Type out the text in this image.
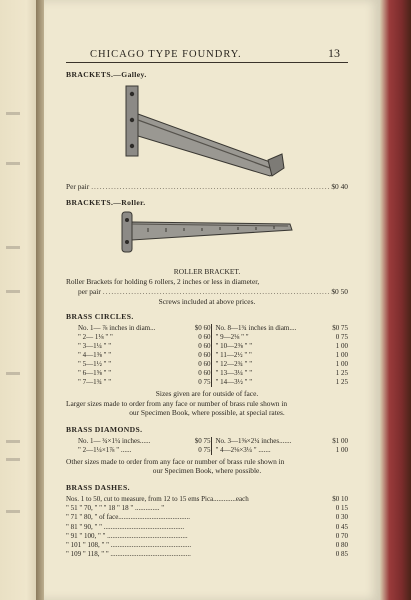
CHICAGO TYPE FOUNDRY.	13
BRACKETS.—Galley.
Per pair .....	$0 40
BRACKETS.—Roller.
ROLLER BRACKET.
Roller Brackets for holding 6 rollers, 2 inches or less in diameter,
per pair .....	$0 50
Screws included at above prices.
BRASS CIRCLES.
No. 1— ⅞ inches in diam...	$0 60
" 2— 1⅛ " "	0 60
" 3—1¼ " "	0 60
" 4—1⅜ " "	0 60
" 5—1½ " "	0 60
" 6—1⅝ " "	0 60
" 7—1¾ " "	0 75
No. 8—1¾ inches in diam....	$0 75
" 9—2⅛ " "	0 75
" 10—2⅜ " "	1 00
" 11—2½ " "	1 00
" 12—2¾ " "	1 00
" 13—3¼ " "	1 25
" 14—3½ " "	1 25
Sizes given are for outside of face.
Larger sizes made to order from any face or number of brass rule shown in
our Specimen Book, where possible, at special rates.
BRASS DIAMONDS.
No. 1— ¾×1¼ inches......	$0 75
" 2—1¼×1⅞ " ......	0 75
No. 3—1⅜×2¼ inches.......	$1 00
" 4—2⅛×3¼ " .......	1 00
Other sizes made to order from any face or number of brass rule shown in
our Specimen Book, where possible.
BRASS DASHES.
Nos. 1 to 50, cut to measure, from 12 to 15 ems Pica.............each	$0 10
" 51 " 70, " " " 18 " 18 " .............. "	0 15
" 71 " 80, " of face.........................................	0 30
" 81 " 90, " " ..............................................	0 45
" 91 " 100, " " ..............................................	0 70
" 101 " 108, " " ..............................................	0 80
" 109 " 118, " " ..............................................	0 85
